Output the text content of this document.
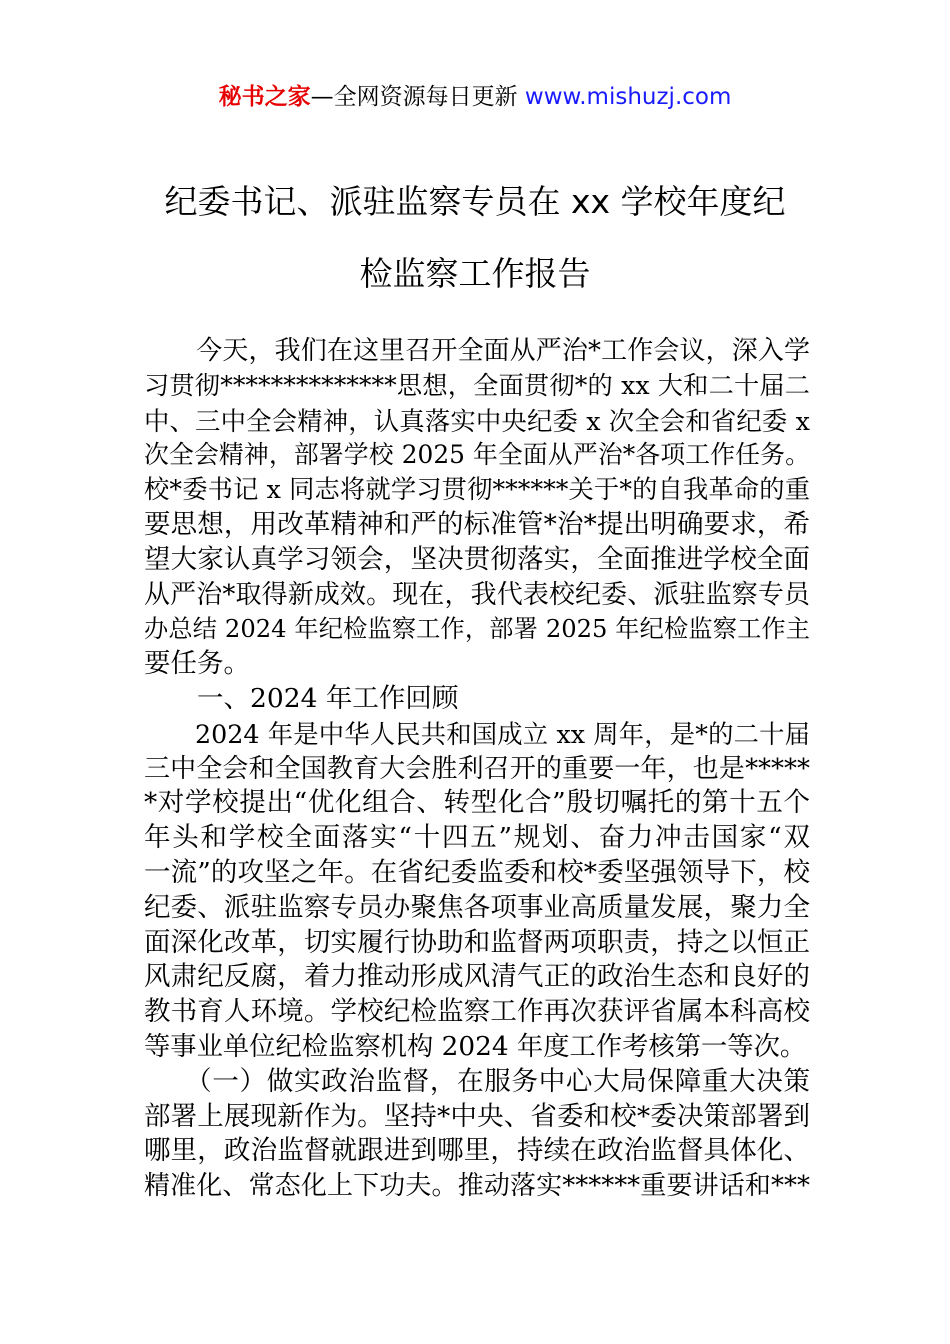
秘书之家—全网资源每日更新 www.mishuzj.com
纪委书记、派驻监察专员在 xx 学校年度纪
检监察工作报告
　　今天，我们在这里召开全面从严治*工作会议，深入学
习贯彻**************思想，全面贯彻*的 xx 大和二十届二
中、三中全会精神，认真落实中央纪委 x 次全会和省纪委 x
次全会精神，部署学校 2025 年全面从严治*各项工作任务。
校*委书记 x 同志将就学习贯彻******关于*的自我革命的重
要思想，用改革精神和严的标准管*治*提出明确要求，希
望大家认真学习领会，坚决贯彻落实，全面推进学校全面
从严治*取得新成效。现在，我代表校纪委、派驻监察专员
办总结 2024 年纪检监察工作，部署 2025 年纪检监察工作主
要任务。
　　一、2024 年工作回顾
　　2024 年是中华人民共和国成立 xx 周年，是*的二十届
三中全会和全国教育大会胜利召开的重要一年，也是*****
*对学校提出“优化组合、转型化合”殷切嘱托的第十五个
年头和学校全面落实“十四五”规划、奋力冲击国家“双
一流”的攻坚之年。在省纪委监委和校*委坚强领导下，校
纪委、派驻监察专员办聚焦各项事业高质量发展，聚力全
面深化改革，切实履行协助和监督两项职责，持之以恒正
风肃纪反腐，着力推动形成风清气正的政治生态和良好的
教书育人环境。学校纪检监察工作再次获评省属本科高校
等事业单位纪检监察机构 2024 年度工作考核第一等次。
　　（一）做实政治监督，在服务中心大局保障重大决策
部署上展现新作为。坚持*中央、省委和校*委决策部署到
哪里，政治监督就跟进到哪里，持续在政治监督具体化、
精准化、常态化上下功夫。推动落实******重要讲话和***
